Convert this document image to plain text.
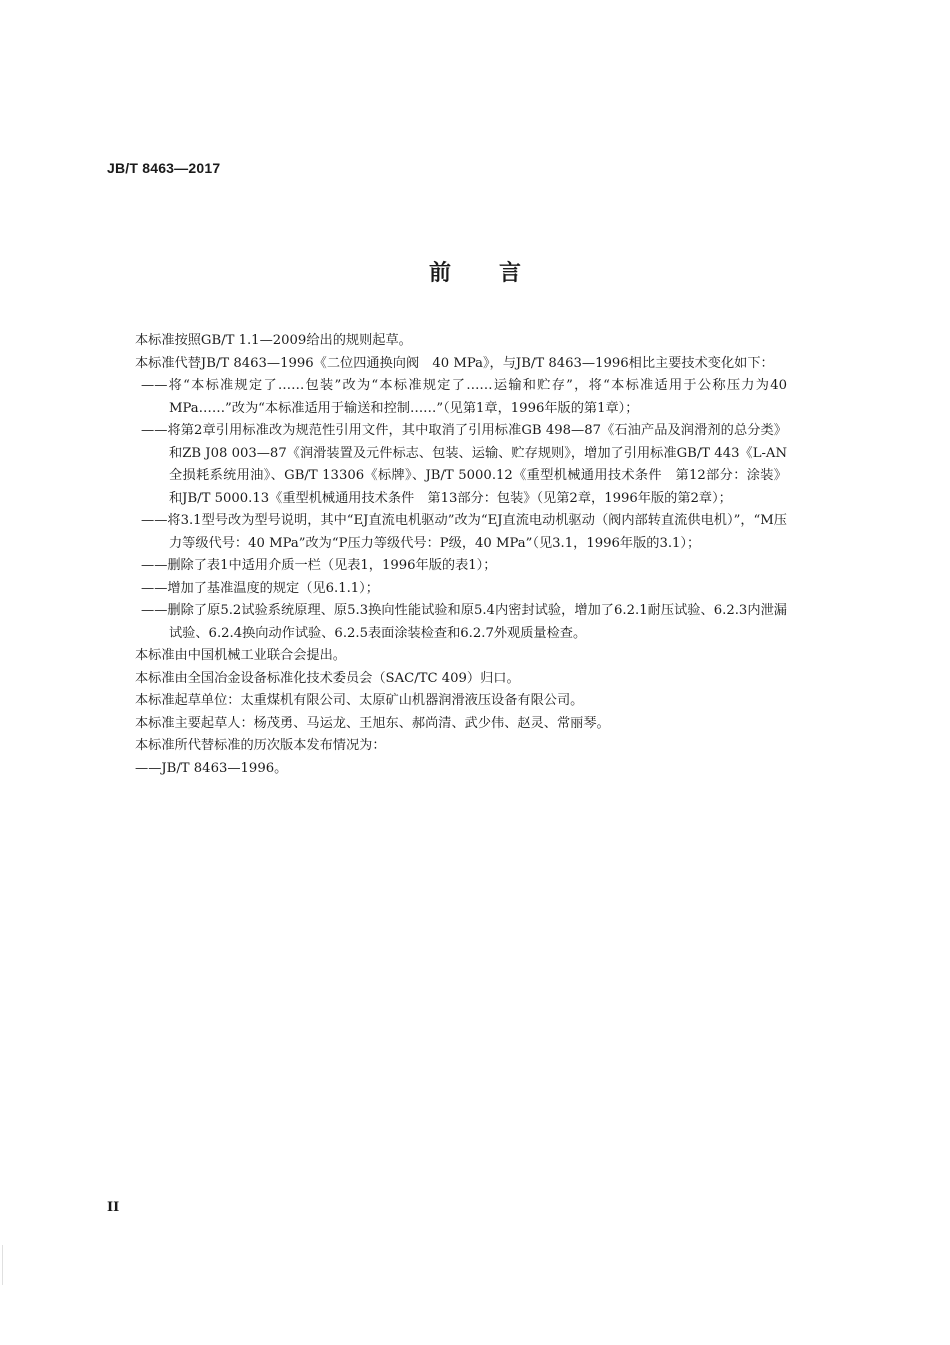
JB/T 8463—2017
前 言

本标准按照GB/T 1.1—2009给出的规则起草。

本标准代替JB/T 8463—1996《二位四通换向阀　40 MPa》，与JB/T 8463—1996相比主要技术变化如下：

——将“本标准规定了……包装”改为“本标准规定了……运输和贮存”，将“本标准适用于公称压力为40 MPa……”改为“本标准适用于输送和控制……”（见第1章，1996年版的第1章）；

——将第2章引用标准改为规范性引用文件，其中取消了引用标准GB 498—87《石油产品及润滑剂的总分类》和ZB J08 003—87《润滑装置及元件标志、包装、运输、贮存规则》，增加了引用标准GB/T 443《L-AN全损耗系统用油》、GB/T 13306《标牌》、JB/T 5000.12《重型机械通用技术条件　第12部分：涂装》和JB/T 5000.13《重型机械通用技术条件　第13部分：包装》（见第2章，1996年版的第2章）；

——将3.1型号改为型号说明，其中“EJ直流电机驱动”改为“EJ直流电动机驱动（阀内部转直流供电机）”，“M压力等级代号：40 MPa”改为“P压力等级代号：P级，40 MPa”（见3.1，1996年版的3.1）；

——删除了表1中适用介质一栏（见表1，1996年版的表1）；

——增加了基准温度的规定（见6.1.1）；

——删除了原5.2试验系统原理、原5.3换向性能试验和原5.4内密封试验，增加了6.2.1耐压试验、6.2.3内泄漏试验、6.2.4换向动作试验、6.2.5表面涂装检查和6.2.7外观质量检查。

本标准由中国机械工业联合会提出。

本标准由全国冶金设备标准化技术委员会（SAC/TC 409）归口。

本标准起草单位：太重煤机有限公司、太原矿山机器润滑液压设备有限公司。

本标准主要起草人：杨茂勇、马运龙、王旭东、郝尚清、武少伟、赵灵、常丽琴。

本标准所代替标准的历次版本发布情况为：

——JB/T 8463—1996。

II
